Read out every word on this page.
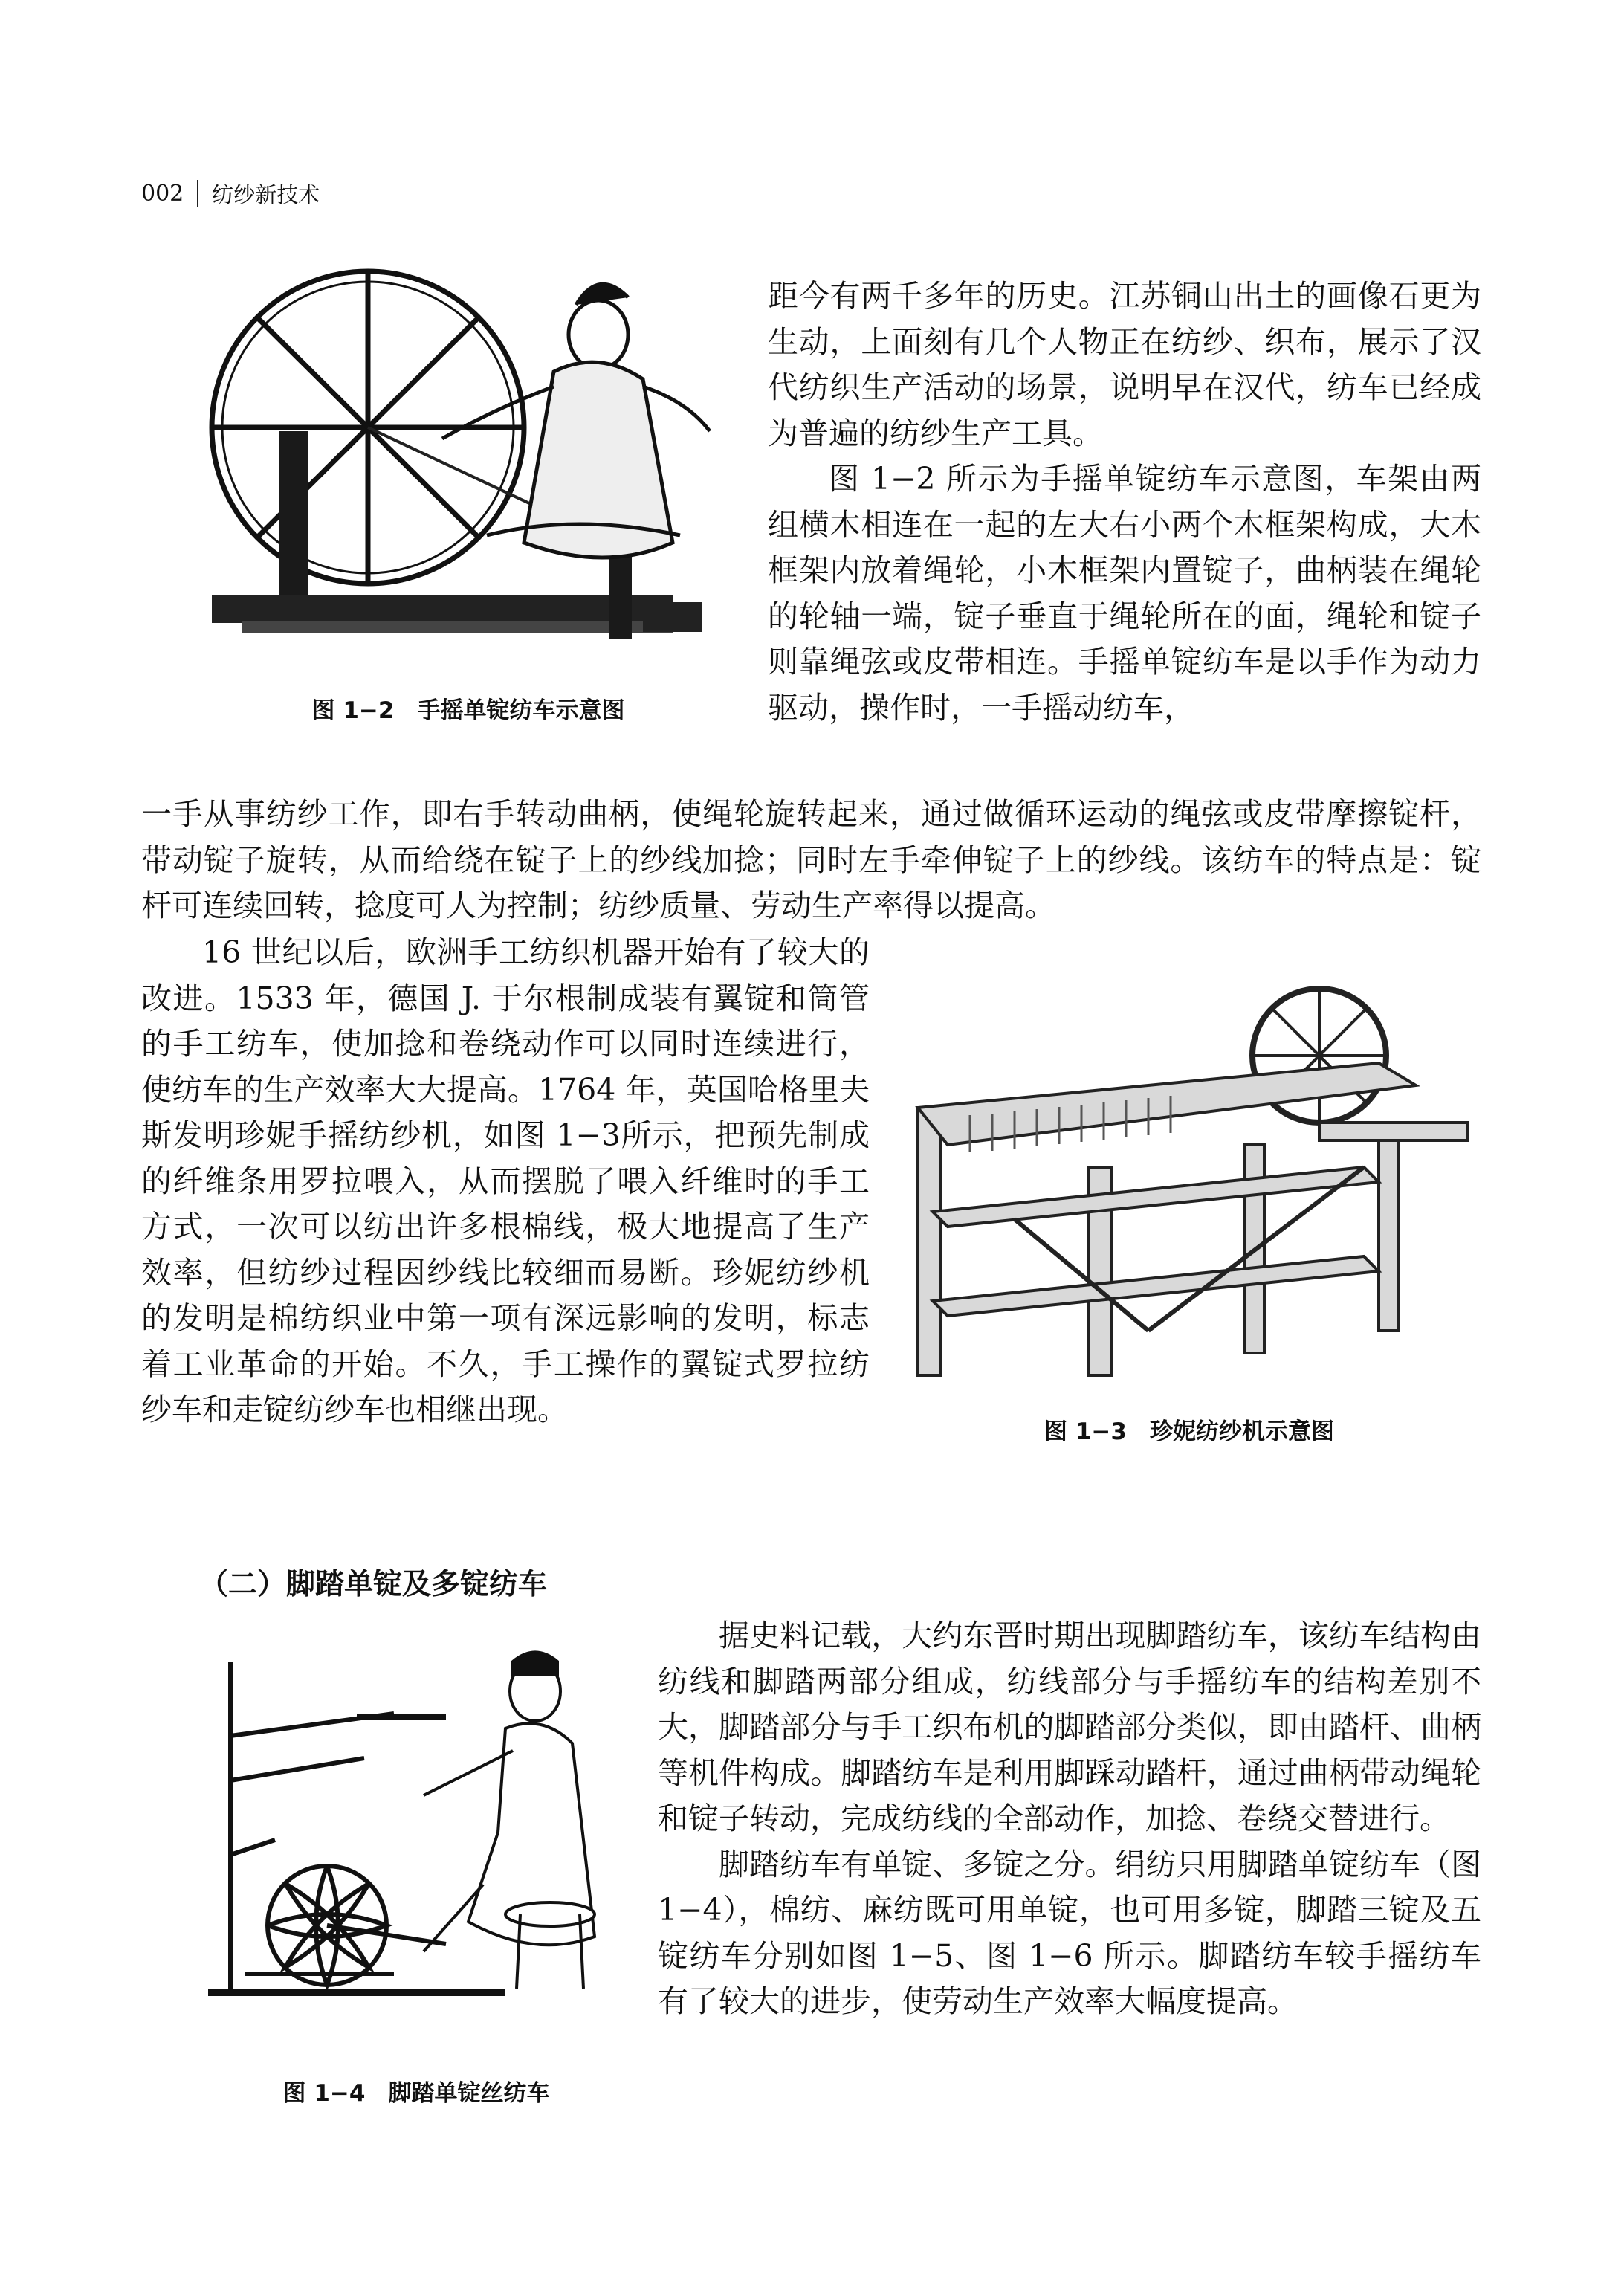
002 纺纱新技术
图 1−2　手摇单锭纺车示意图

距今有两千多年的历史。江苏铜山出土的画像石更为生动，上面刻有几个人物正在纺纱、织布，展示了汉代纺织生产活动的场景，说明早在汉代，纺车已经成为普遍的纺纱生产工具。

图 1−2 所示为手摇单锭纺车示意图，车架由两组横木相连在一起的左大右小两个木框架构成，大木框架内放着绳轮，小木框架内置锭子，曲柄装在绳轮的轮轴一端，锭子垂直于绳轮所在的面，绳轮和锭子则靠绳弦或皮带相连。手摇单锭纺车是以手作为动力驱动，操作时，一手摇动纺车，

一手从事纺纱工作，即右手转动曲柄，使绳轮旋转起来，通过做循环运动的绳弦或皮带摩擦锭杆，带动锭子旋转，从而给绕在锭子上的纱线加捻；同时左手牵伸锭子上的纱线。该纺车的特点是：锭杆可连续回转，捻度可人为控制；纺纱质量、劳动生产率得以提高。

16 世纪以后，欧洲手工纺织机器开始有了较大的改进。1533 年，德国 J. 于尔根制成装有翼锭和筒管的手工纺车，使加捻和卷绕动作可以同时连续进行，使纺车的生产效率大大提高。1764 年，英国哈格里夫斯发明珍妮手摇纺纱机，如图 1−3所示，把预先制成的纤维条用罗拉喂入，从而摆脱了喂入纤维时的手工方式，一次可以纺出许多根棉线，极大地提高了生产效率，但纺纱过程因纱线比较细而易断。珍妮纺纱机的发明是棉纺织业中第一项有深远影响的发明，标志着工业革命的开始。不久，手工操作的翼锭式罗拉纺纱车和走锭纺纱车也相继出现。

图 1−3　珍妮纺纱机示意图
（二）脚踏单锭及多锭纺车
图 1−4　脚踏单锭丝纺车

据史料记载，大约东晋时期出现脚踏纺车，该纺车结构由纺线和脚踏两部分组成，纺线部分与手摇纺车的结构差别不大，脚踏部分与手工织布机的脚踏部分类似，即由踏杆、曲柄等机件构成。脚踏纺车是利用脚踩动踏杆，通过曲柄带动绳轮和锭子转动，完成纺线的全部动作，加捻、卷绕交替进行。

脚踏纺车有单锭、多锭之分。绢纺只用脚踏单锭纺车（图 1−4），棉纺、麻纺既可用单锭，也可用多锭，脚踏三锭及五锭纺车分别如图 1−5、图 1−6 所示。脚踏纺车较手摇纺车有了较大的进步，使劳动生产效率大幅度提高。
